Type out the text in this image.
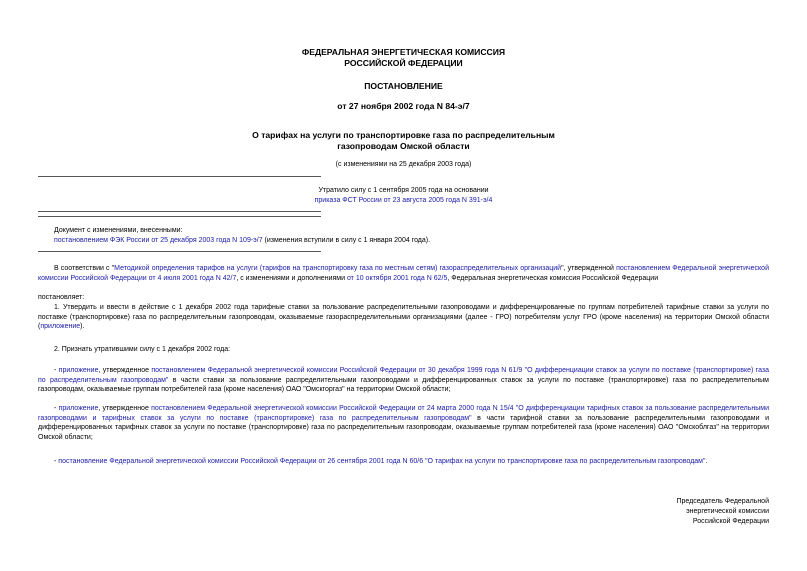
ФЕДЕРАЛЬНАЯ ЭНЕРГЕТИЧЕСКАЯ КОМИССИЯ
РОССИЙСКОЙ ФЕДЕРАЦИИ
ПОСТАНОВЛЕНИЕ
от 27 ноября 2002 года N 84-э/7
О тарифах на услуги по транспортировке газа по распределительным
газопроводам Омской области
(с изменениями на 25 декабря 2003 года)
Утратило силу с 1 сентября 2005 года на основании
приказа ФСТ России от 23 августа 2005 года N 391-э/4
Документ с изменениями, внесенными:
постановлением ФЭК России от 25 декабря 2003 года N 109-э/7 (изменения вступили в силу с 1 января 2004 года).
В соответствии с "Методикой определения тарифов на услуги (тарифов на транспортировку газа по местным сетям) газораспределительных организаций", утвержденной постановлением Федеральной энергетической комиссии Российской Федерации от 4 июля 2001 года N 42/7, с изменениями и дополнениями от 10 октября 2001 года N 62/5, Федеральная энергетическая комиссия Российской Федерации
постановляет:
1. Утвердить и ввести в действие с 1 декабря 2002 года тарифные ставки за пользование распределительными газопроводами и дифференцированные по группам потребителей тарифные ставки за услуги по поставке (транспортировке) газа по распределительным газопроводам, оказываемые газораспределительными организациями (далее - ГРО) потребителям услуг ГРО (кроме населения) на территории Омской области (приложение).
2. Признать утратившими силу с 1 декабря 2002 года:
- приложение, утвержденное постановлением Федеральной энергетической комиссии Российской Федерации от 30 декабря 1999 года N 61/9 "О дифференциации ставок за услуги по поставке (транспортировке) газа по распределительным газопроводам" в части ставки за пользование распределительными газопроводами и дифференцированных ставок за услуги по поставке (транспортировке) газа по распределительным газопроводам, оказываемые группам потребителей газа (кроме населения) ОАО "Омскгоргаз" на территории Омской области;
- приложение, утвержденное постановлением Федеральной энергетической комиссии Российской Федерации от 24 марта 2000 года N 15/4 "О дифференциации тарифных ставок за пользование распределительными газопроводами и тарифных ставок за услуги по поставке (транспортировке) газа по распределительным газопроводам" в части тарифной ставки за пользование распределительными газопроводами и дифференцированных тарифных ставок за услуги по поставке (транспортировке) газа по распределительным газопроводам, оказываемые группам потребителей газа (кроме населения) ОАО "Омскоблгаз" на территории Омской области;
- постановление Федеральной энергетической комиссии Российской Федерации от 26 сентября 2001 года N 60/6 "О тарифах на услуги по транспортировке газа по распределительным газопроводам".
Председатель Федеральной
энергетической комиссии
Российской Федерации
